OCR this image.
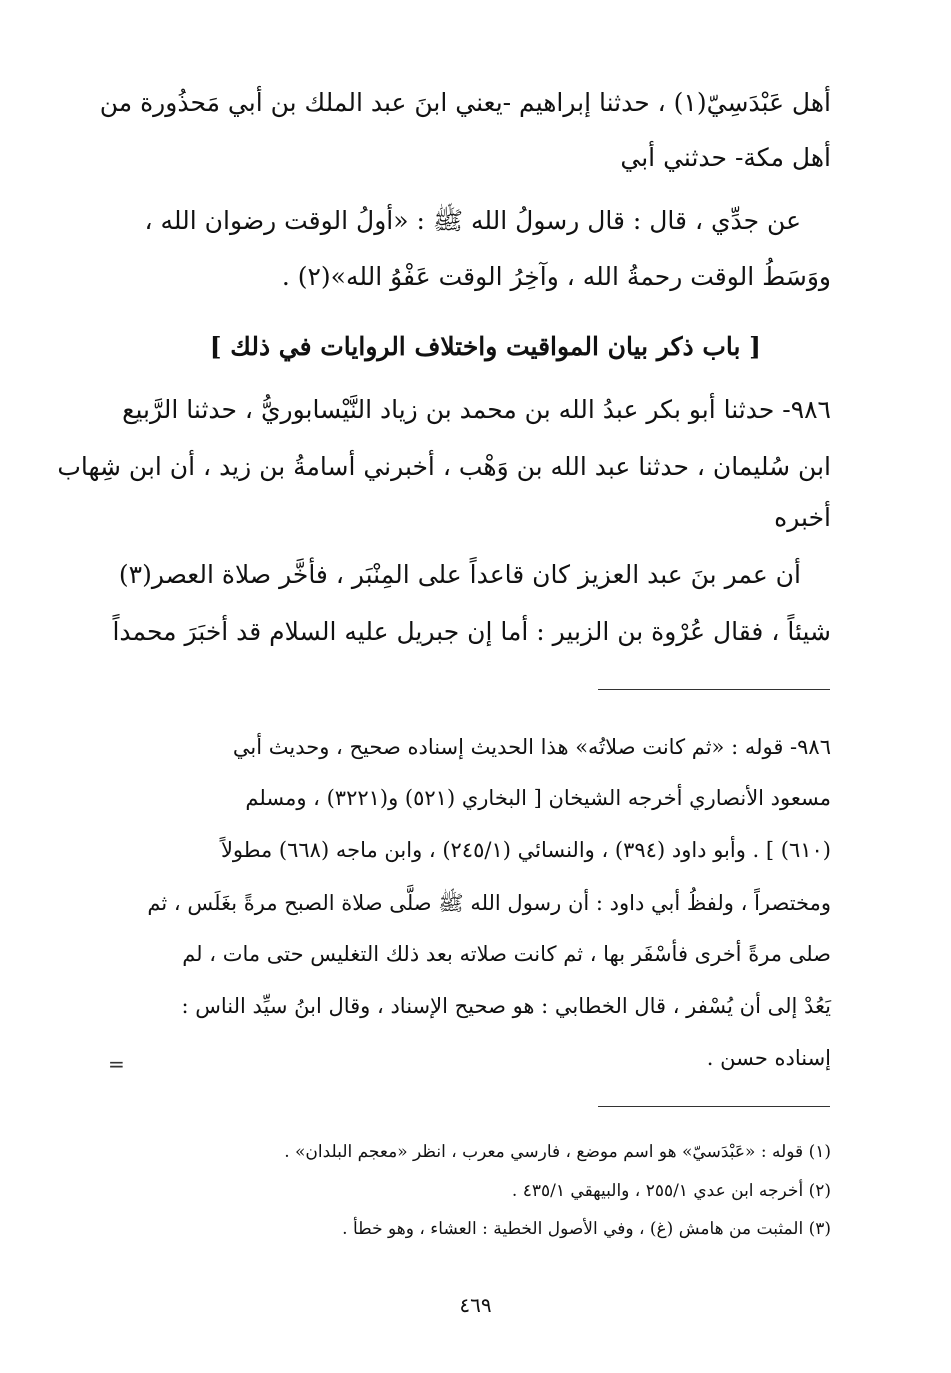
أهل عَبْدَسِيّ(١) ، حدثنا إبراهيم -يعني ابنَ عبد الملك بن أبي مَحذُورة من
أهل مكة- حدثني أبي
عن جدِّي ، قال : قال رسولُ الله ﷺ : «أولُ الوقت رضوان الله ،
ووَسَطُ الوقت رحمةُ الله ، وآخِرُ الوقت عَفْوُ الله»(٢) .
[ باب ذكر بيان المواقيت واختلاف الروايات في ذلك ]
٩٨٦- حدثنا أبو بكر عبدُ الله بن محمد بن زياد النَّيْسابوريُّ ، حدثنا الرَّبيع
ابن سُليمان ، حدثنا عبد الله بن وَهْب ، أخبرني أسامةُ بن زيد ، أن ابن شِهاب
أخبره
أن عمر بنَ عبد العزيز كان قاعداً على المِنْبَر ، فأخَّر صلاة العصر(٣)
شيئاً ، فقال عُرْوة بن الزبير : أما إن جبريل عليه السلام قد أخبَرَ محمداً
٩٨٦- قوله : «ثم كانت صلاتُه» هذا الحديث إسناده صحيح ، وحديث أبي
مسعود الأنصاري أخرجه الشيخان [ البخاري (٥٢١) و(٣٢٢١) ، ومسلم
(٦١٠) ] . وأبو داود (٣٩٤) ، والنسائي (٢٤٥/١) ، وابن ماجه (٦٦٨) مطولاً
ومختصراً ، ولفظُ أبي داود : أن رسول الله ﷺ صلَّى صلاة الصبح مرةً بغَلَس ، ثم
صلى مرةً أخرى فأسْفَر بها ، ثم كانت صلاته بعد ذلك التغليس حتى مات ، لم
يَعُدْ إلى أن يُسْفر ، قال الخطابي : هو صحيح الإسناد ، وقال ابنُ سيِّد الناس :
إسناده حسن .
=
(١) قوله : «عَبْدَسيّ» هو اسم موضع ، فارسي معرب ، انظر «معجم البلدان» .
(٢) أخرجه ابن عدي ٢٥٥/١ ، والبيهقي ٤٣٥/١ .
(٣) المثبت من هامش (غ) ، وفي الأصول الخطية : العشاء ، وهو خطأ .
٤٦٩
